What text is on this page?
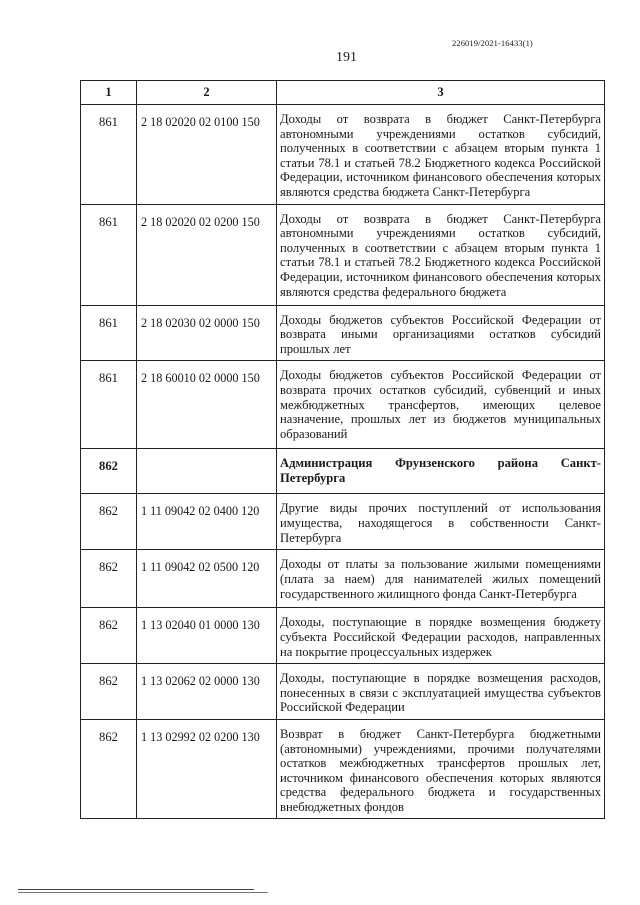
226019/2021-16433(1)
191
1	2	3
861	2 18 02020 02 0100 150	Доходы от возврата в бюджет Санкт-Петербурга автономными учреждениями остатков субсидий, полученных в соответствии с абзацем вторым пункта 1 статьи 78.1 и статьей 78.2 Бюджетного кодекса Российской Федерации, источником финансового обеспечения которых являются средства бюджета Санкт-Петербурга
861	2 18 02020 02 0200 150	Доходы от возврата в бюджет Санкт-Петербурга автономными учреждениями остатков субсидий, полученных в соответствии с абзацем вторым пункта 1 статьи 78.1 и статьей 78.2 Бюджетного кодекса Российской Федерации, источником финансового обеспечения которых являются средства федерального бюджета
861	2 18 02030 02 0000 150	Доходы бюджетов субъектов Российской Федерации от возврата иными организациями остатков субсидий прошлых лет
861	2 18 60010 02 0000 150	Доходы бюджетов субъектов Российской Федерации от возврата прочих остатков субсидий, субвенций и иных межбюджетных трансфертов, имеющих целевое назначение, прошлых лет из бюджетов муниципальных образований
862		Администрация Фрунзенского района Санкт-Петербурга
862	1 11 09042 02 0400 120	Другие виды прочих поступлений от использования имущества, находящегося в собственности Санкт-Петербурга
862	1 11 09042 02 0500 120	Доходы от платы за пользование жилыми помещениями (плата за наем) для нанимателей жилых помещений государственного жилищного фонда Санкт-Петербурга
862	1 13 02040 01 0000 130	Доходы, поступающие в порядке возмещения бюджету субъекта Российской Федерации расходов, направленных на покрытие процессуальных издержек
862	1 13 02062 02 0000 130	Доходы, поступающие в порядке возмещения расходов, понесенных в связи с эксплуатацией имущества субъектов Российской Федерации
862	1 13 02992 02 0200 130	Возврат в бюджет Санкт-Петербурга бюджетными (автономными) учреждениями, прочими получателями остатков межбюджетных трансфертов прошлых лет, источником финансового обеспечения которых являются средства федерального бюджета и государственных внебюджетных фондов
